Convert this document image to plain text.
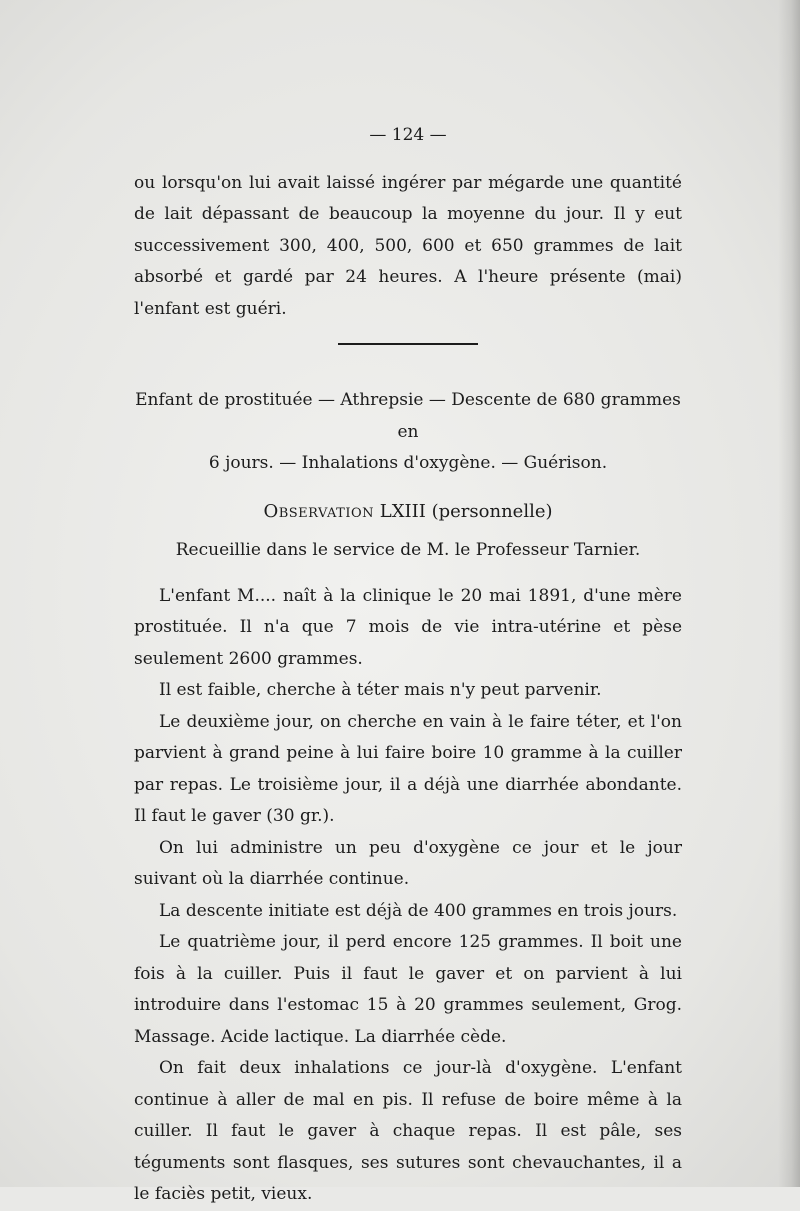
— 124 —

ou lorsqu'on lui avait laissé ingérer par mégarde une quantité de lait dépassant de beaucoup la moyenne du jour. Il y eut successivement 300, 400, 500, 600 et 650 grammes de lait absorbé et gardé par 24 heures. A l'heure présente (mai) l'enfant est guéri.

Enfant de prostituée — Athrepsie — Descente de 680 grammes en
6 jours. — Inhalations d'oxygène. — Guérison.
Observation LXIII (personnelle)
Recueillie dans le service de M. le Professeur Tarnier.

L'enfant M.... naît à la clinique le 20 mai 1891, d'une mère prostituée. Il n'a que 7 mois de vie intra-utérine et pèse seulement 2600 grammes.

Il est faible, cherche à téter mais n'y peut parvenir.

Le deuxième jour, on cherche en vain à le faire téter, et l'on parvient à grand peine à lui faire boire 10 gramme à la cuiller par repas. Le troisième jour, il a déjà une diarrhée abondante. Il faut le gaver (30 gr.).

On lui administre un peu d'oxygène ce jour et le jour suivant où la diarrhée continue.

La descente initiate est déjà de 400 grammes en trois jours.

Le quatrième jour, il perd encore 125 grammes. Il boit une fois à la cuiller. Puis il faut le gaver et on parvient à lui introduire dans l'estomac 15 à 20 grammes seulement, Grog. Massage. Acide lactique. La diarrhée cède.

On fait deux inhalations ce jour-là d'oxygène. L'enfant continue à aller de mal en pis. Il refuse de boire même à la cuiller. Il faut le gaver à chaque repas. Il est pâle, ses téguments sont flasques, ses sutures sont chevauchantes, il a le faciès petit, vieux.
